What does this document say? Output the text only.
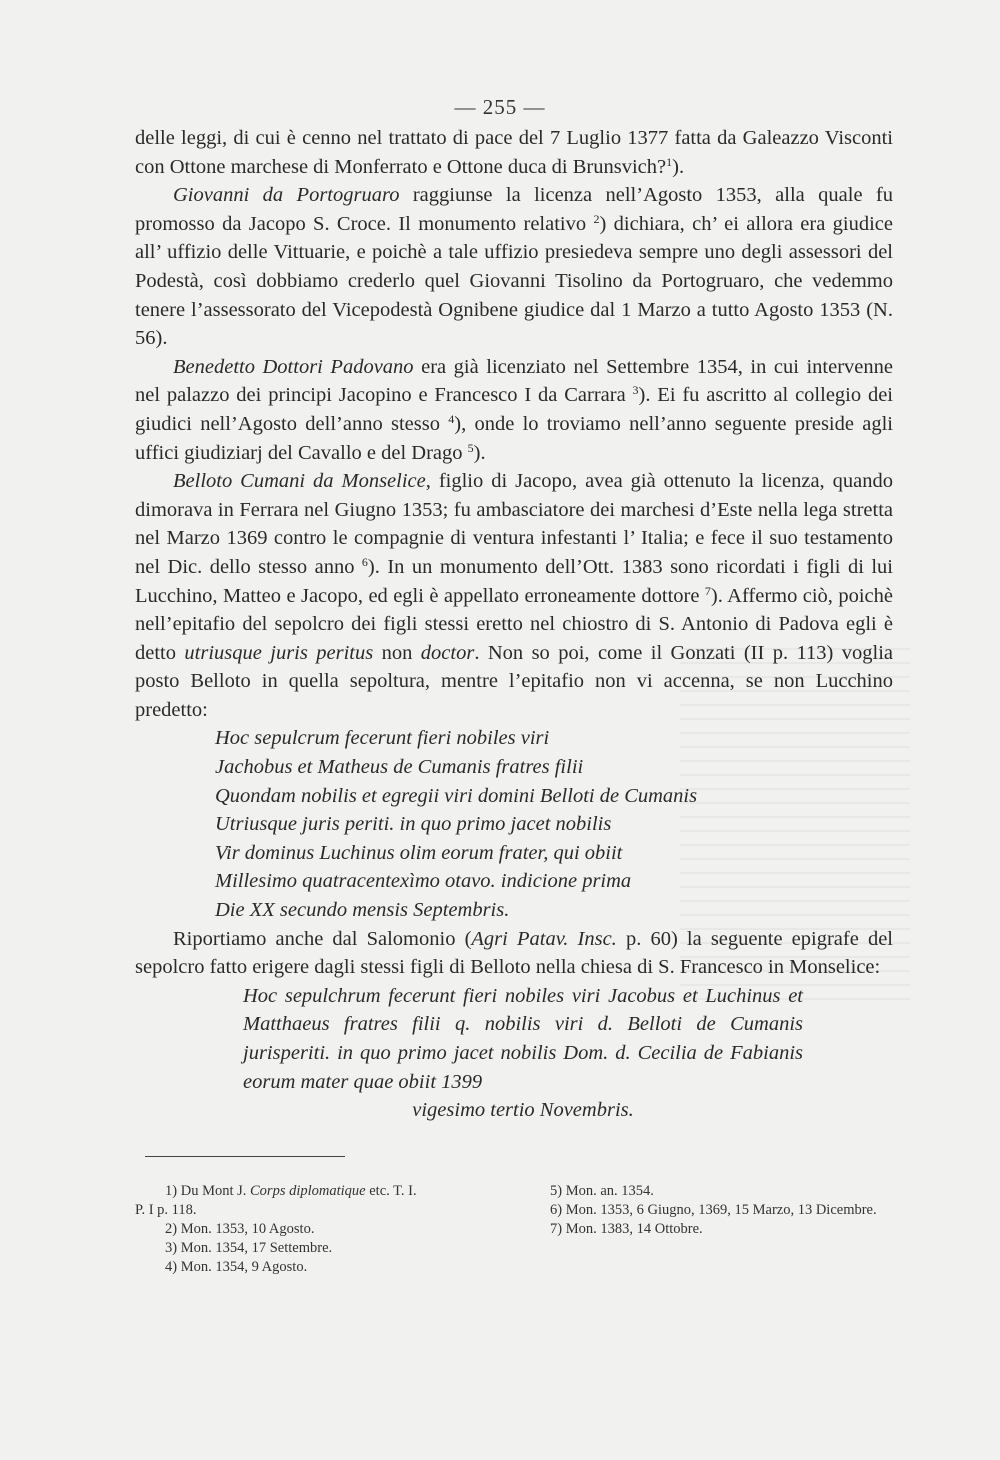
— 255 —

delle leggi, di cui è cenno nel trattato di pace del 7 Luglio 1377 fatta da Galeazzo Visconti con Ottone marchese di Monferrato e Ottone duca di Brunsvich?$^1$).

Giovanni da Portogruaro raggiunse la licenza nell’Agosto 1353, alla quale fu promosso da Jacopo S. Croce. Il monumento relativo $^2$) dichiara, ch’ ei allora era giudice all’ uffizio delle Vittuarie, e poichè a tale uffizio presiedeva sempre uno degli assessori del Podestà, così dobbiamo crederlo quel Giovanni Tisolino da Portogruaro, che vedemmo tenere l’assessorato del Vicepodestà Ognibene giudice dal 1 Marzo a tutto Agosto 1353 (N. 56).

Benedetto Dottori Padovano era già licenziato nel Settembre 1354, in cui intervenne nel palazzo dei principi Jacopino e Francesco I da Carrara $^3$). Ei fu ascritto al collegio dei giudici nell’Agosto dell’anno stesso $^4$), onde lo troviamo nell’anno seguente preside agli uffici giudiziarj del Cavallo e del Drago $^5$).

Belloto Cumani da Monselice, figlio di Jacopo, avea già ottenuto la licenza, quando dimorava in Ferrara nel Giugno 1353; fu ambasciatore dei marchesi d’Este nella lega stretta nel Marzo 1369 contro le compagnie di ventura infestanti l’ Italia; e fece il suo testamento nel Dic. dello stesso anno $^6$). In un monumento dell’Ott. 1383 sono ricordati i figli di lui Lucchino, Matteo e Jacopo, ed egli è appellato erroneamente dottore $^7$). Affermo ciò, poichè nell’epitafio del sepolcro dei figli stessi eretto nel chiostro di S. Antonio di Padova egli è detto utriusque juris peritus non doctor. Non so poi, come il Gonzati (II p. 113) voglia posto Belloto in quella sepoltura, mentre l’epitafio non vi accenna, se non Lucchino predetto:

Hoc sepulcrum fecerunt fieri nobiles viri
Jachobus et Matheus de Cumanis fratres filii
Quondam nobilis et egregii viri domini Belloti de Cumanis
Utriusque juris periti. in quo primo jacet nobilis
Vir dominus Luchinus olim eorum frater, qui obiit
Millesimo quatracentexìmo otavo. indicione prima
Die XX secundo mensis Septembris.

Riportiamo anche dal Salomonio (Agri Patav. Insc. p. 60) la seguente epigrafe del sepolcro fatto erigere dagli stessi figli di Belloto nella chiesa di S. Francesco in Monselice:

Hoc sepulchrum fecerunt fieri nobiles viri Jacobus et Luchinus et Matthaeus fratres filii q. nobilis viri d. Belloti de Cumanis jurisperiti. in quo primo jacet nobilis Dom. d. Cecilia de Fabianis eorum mater quae obiit 1399
vigesimo tertio Novembris.
1) Du Mont J. Corps diplomatique etc. T. I.
P. I p. 118.
2) Mon. 1353, 10 Agosto.
3) Mon. 1354, 17 Settembre.
4) Mon. 1354, 9 Agosto.
5) Mon. an. 1354.
6) Mon. 1353, 6 Giugno, 1369, 15 Marzo, 13 Dicembre.
7) Mon. 1383, 14 Ottobre.
